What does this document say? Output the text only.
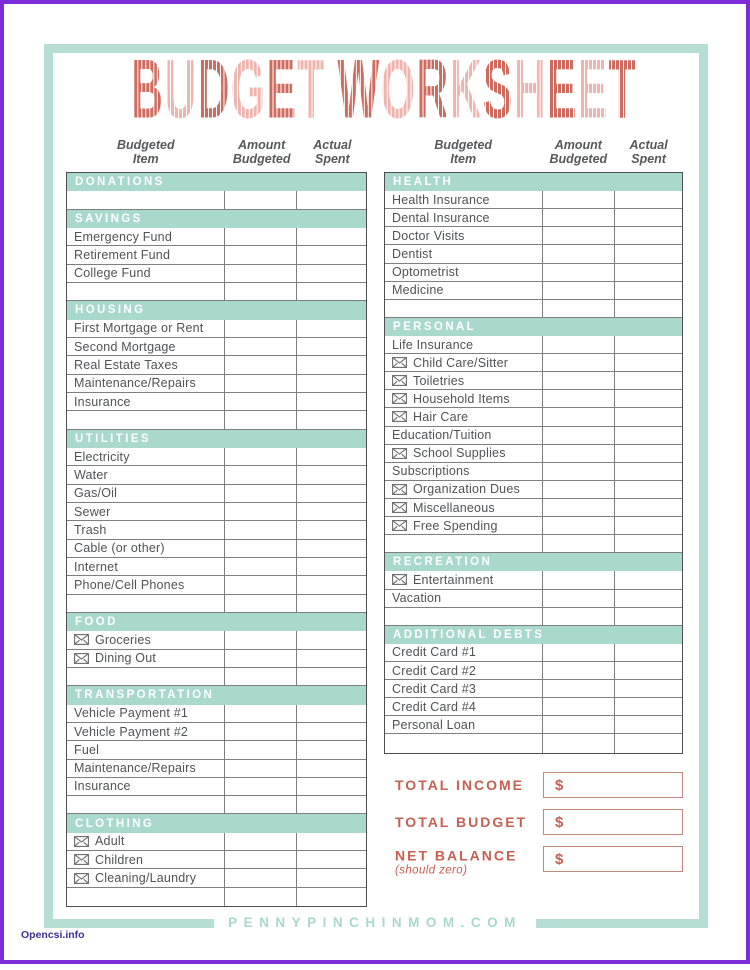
BUDGET WORKSHEET
Budgeted
Item
Amount
Budgeted
Actual
Spent
Budgeted
Item
Amount
Budgeted
Actual
Spent
DONATIONS
SAVINGS
Emergency Fund
Retirement Fund
College Fund
HOUSING
First Mortgage or Rent
Second Mortgage
Real Estate Taxes
Maintenance/Repairs
Insurance
UTILITIES
Electricity
Water
Gas/Oil
Sewer
Trash
Cable (or other)
Internet
Phone/Cell Phones
FOOD
Groceries
Dining Out
TRANSPORTATION
Vehicle Payment #1
Vehicle Payment #2
Fuel
Maintenance/Repairs
Insurance
CLOTHING
Adult
Children
Cleaning/Laundry
HEALTH
Health Insurance
Dental Insurance
Doctor Visits
Dentist
Optometrist
Medicine
PERSONAL
Life Insurance
Child Care/Sitter
Toiletries
Household Items
Hair Care
Education/Tuition
School Supplies
Subscriptions
Organization Dues
Miscellaneous
Free Spending
RECREATION
Entertainment
Vacation
ADDITIONAL DEBTS
Credit Card #1
Credit Card #2
Credit Card #3
Credit Card #4
Personal Loan
TOTAL INCOME $
TOTAL BUDGET $
NET BALANCE
(should zero)
$
PENNYPINCHINMOM.COM
Opencsi.info
